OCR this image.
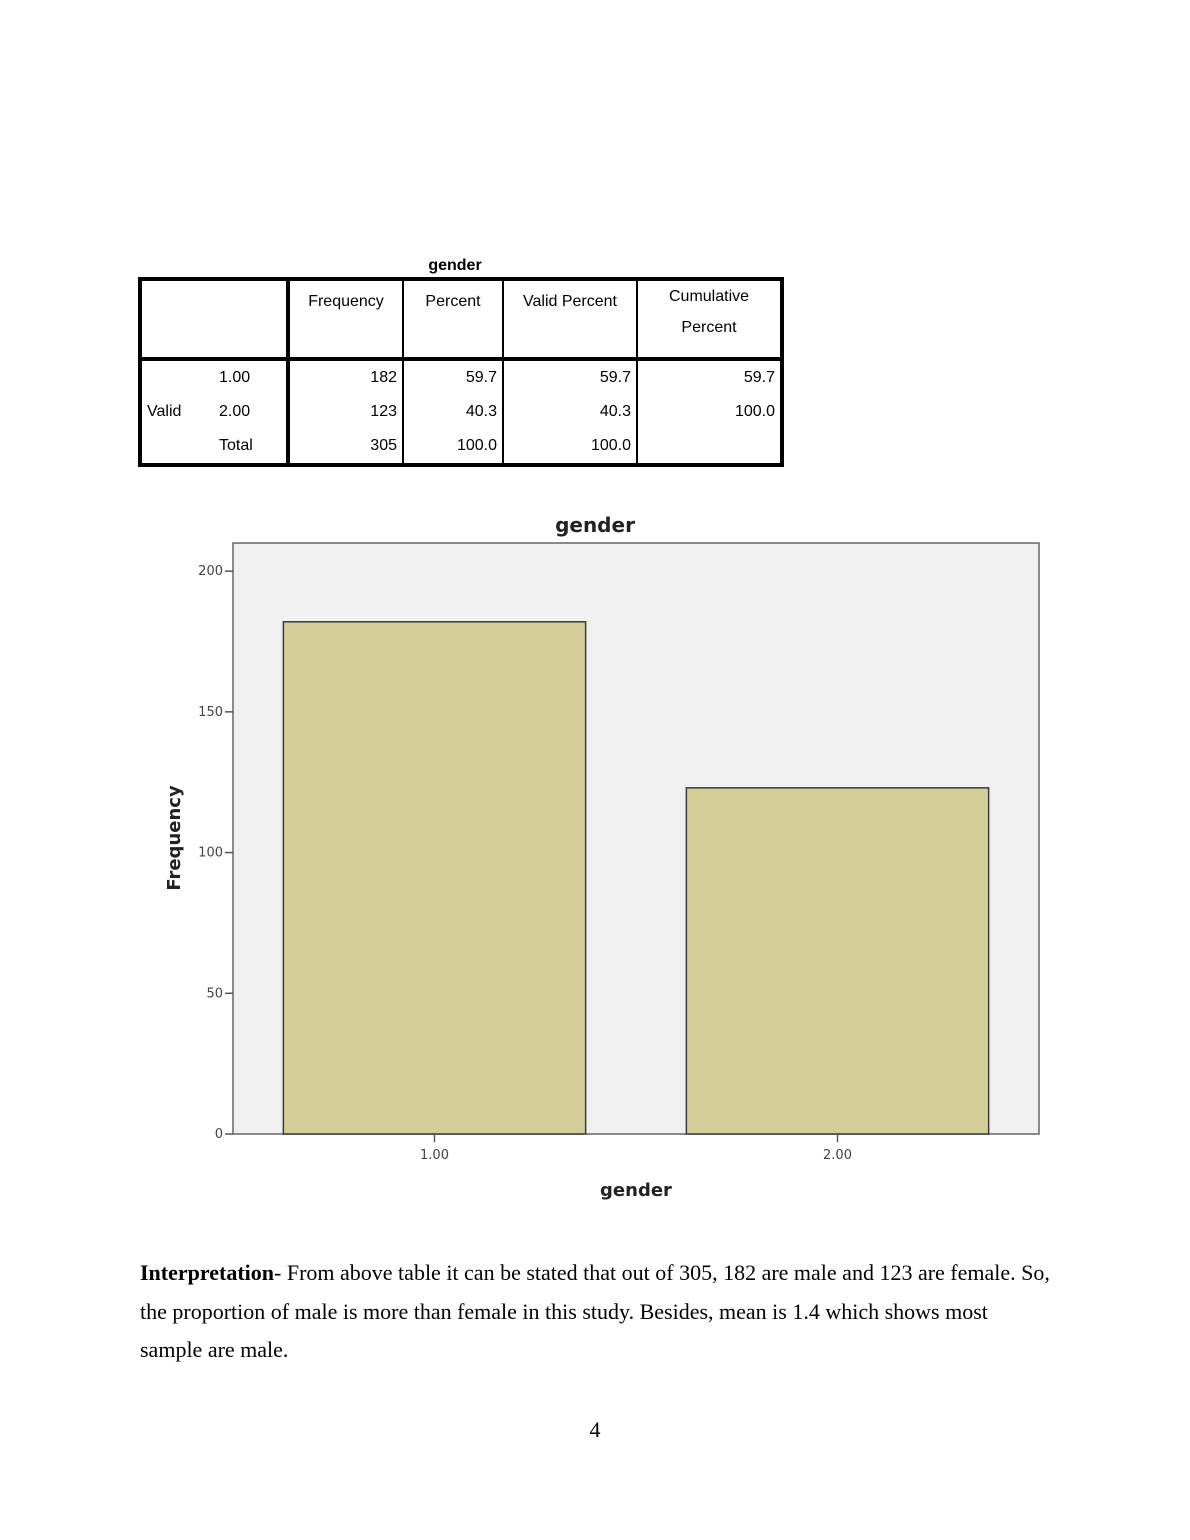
gender
		Frequency	Percent	Valid Percent	Cumulative Percent
	1.00	182	59.7	59.7	59.7
Valid	2.00	123	40.3	40.3	100.0
	Total	305	100.0	100.0	
gender
Frequency
gender
0
50
100
150
200
1.00	2.00
Interpretation- From above table it can be stated that out of 305, 182 are male and 123 are female. So, the proportion of male is more than female in this study. Besides, mean is 1.4 which shows most sample are male.
4
